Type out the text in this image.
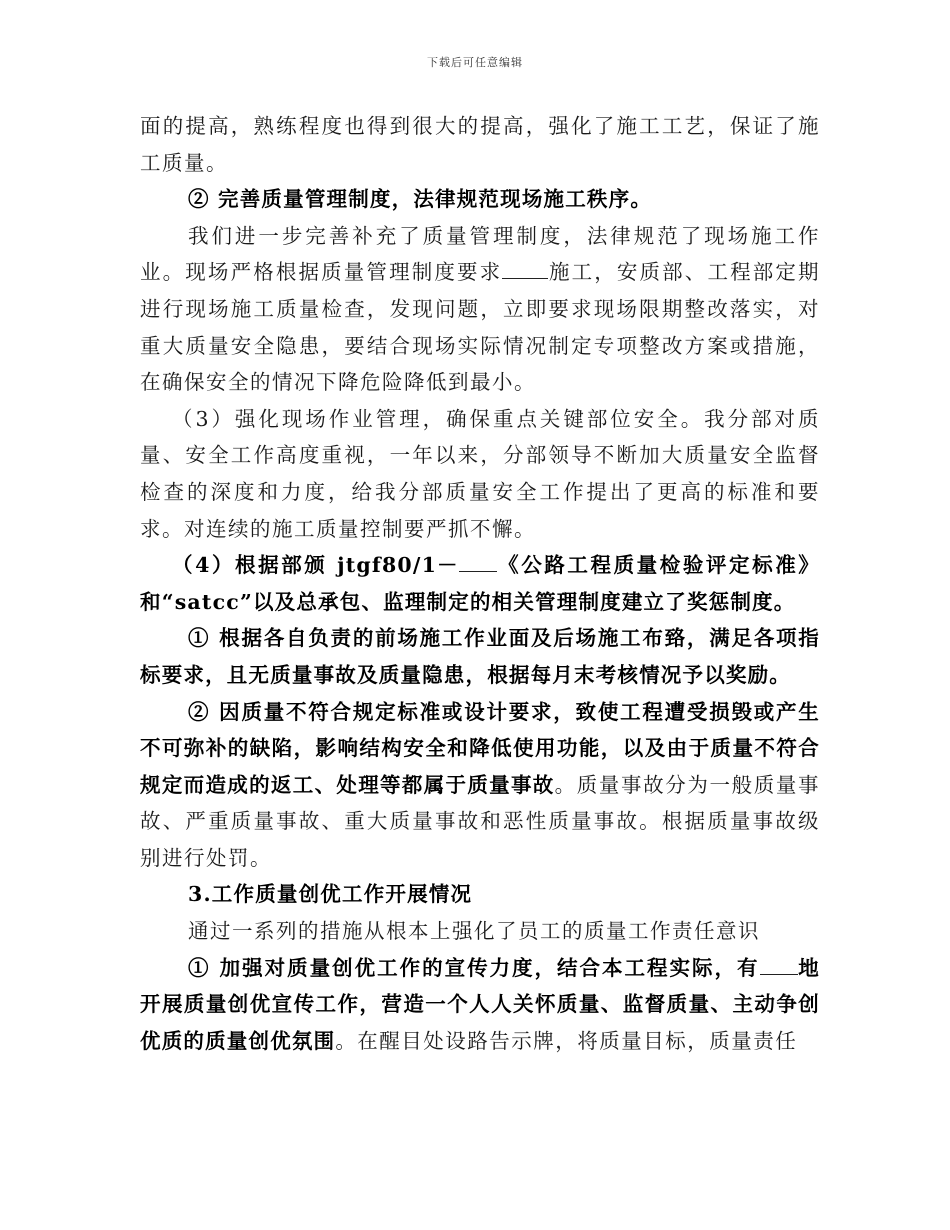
下载后可任意编辑

面的提高，熟练程度也得到很大的提高，强化了施工工艺，保证了施工质量。

② 完善质量管理制度，法律规范现场施工秩序。

我们进一步完善补充了质量管理制度，法律规范了现场施工作业。现场严格根据质量管理制度要求 施工，安质部、工程部定期进行现场施工质量检查，发现问题，立即要求现场限期整改落实，对重大质量安全隐患，要结合现场实际情况制定专项整改方案或措施，在确保安全的情况下降危险降低到最小。

（3）强化现场作业管理，确保重点关键部位安全。我分部对质量、安全工作高度重视，一年以来，分部领导不断加大质量安全监督检查的深度和力度，给我分部质量安全工作提出了更高的标准和要求。对连续的施工质量控制要严抓不懈。

（4）根据部颁 jtgf80/1－ 《公路工程质量检验评定标准》和“satcc”以及总承包、监理制定的相关管理制度建立了奖惩制度。

① 根据各自负责的前场施工作业面及后场施工布臵，满足各项指标要求，且无质量事故及质量隐患，根据每月末考核情况予以奖励。

② 因质量不符合规定标准或设计要求，致使工程遭受损毁或产生不可弥补的缺陷，影响结构安全和降低使用功能，以及由于质量不符合规定而造成的返工、处理等都属于质量事故。质量事故分为一般质量事故、严重质量事故、重大质量事故和恶性质量事故。根据质量事故级别进行处罚。

3.工作质量创优工作开展情况

通过一系列的措施从根本上强化了员工的质量工作责任意识

① 加强对质量创优工作的宣传力度，结合本工程实际，有 地开展质量创优宣传工作，营造一个人人关怀质量、监督质量、主动争创优质的质量创优氛围。在醒目处设路告示牌，将质量目标，质量责任
